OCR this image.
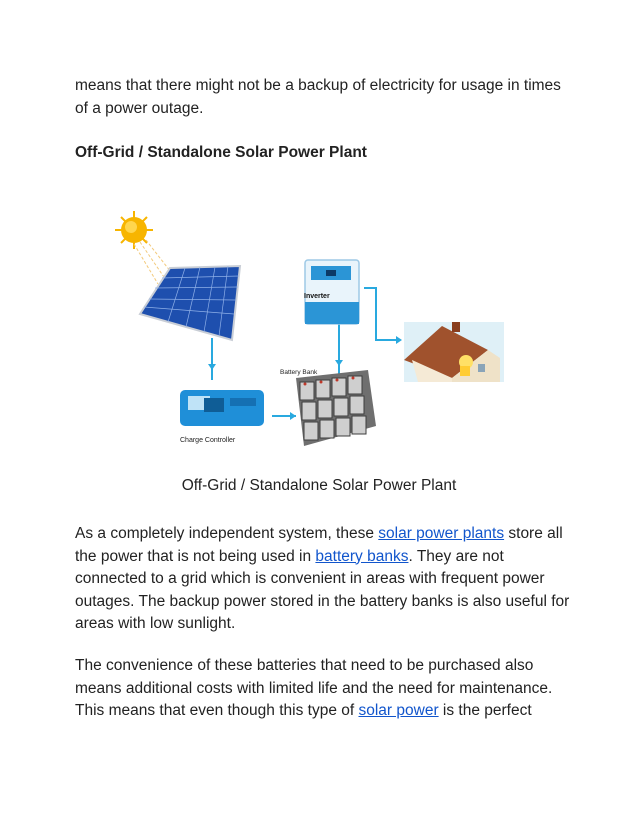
means that there might not be a backup of electricity for usage in times of a power outage.

Off-Grid / Standalone Solar Power Plant

Inverter
Battery Bank
Charge Controller

Off-Grid / Standalone Solar Power Plant

As a completely independent system, these solar power plants store all the power that is not being used in battery banks. They are not connected to a grid which is convenient in areas with frequent power outages. The backup power stored in the battery banks is also useful for areas with low sunlight.

The convenience of these batteries that need to be purchased also means additional costs with limited life and the need for maintenance. This means that even though this type of solar power is the perfect
